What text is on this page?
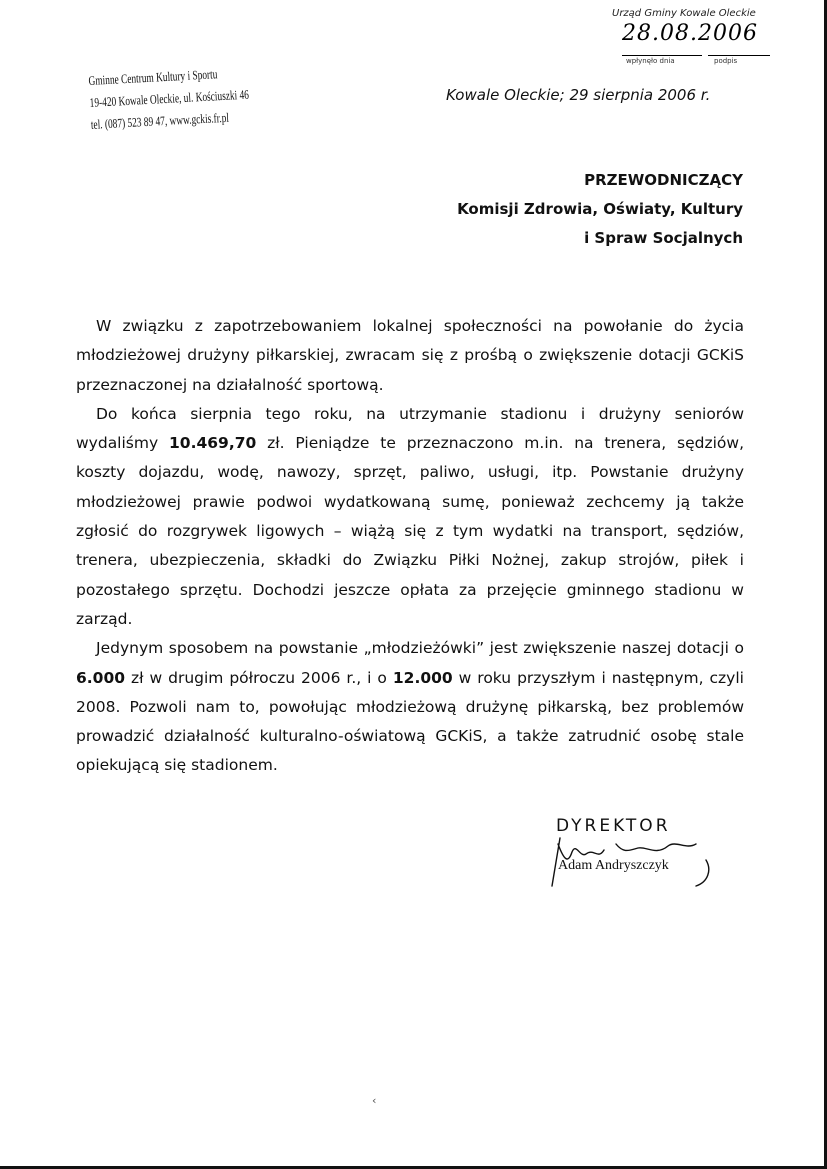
Urząd Gminy Kowale Oleckie
28.08.2006
wpłynęło dnia	podpis
Gminne Centrum Kultury i Sportu
19-420 Kowale Oleckie, ul. Kościuszki 46
tel. (087) 523 89 47, www.gckis.fr.pl
Kowale Oleckie; 29 sierpnia 2006 r.
PRZEWODNICZĄCY
Komisji Zdrowia, Oświaty, Kultury
i Spraw Socjalnych

W związku z zapotrzebowaniem lokalnej społeczności na powołanie do życia młodzieżowej drużyny piłkarskiej, zwracam się z prośbą o zwiększenie dotacji GCKiS przeznaczonej na działalność sportową.

Do końca sierpnia tego roku, na utrzymanie stadionu i drużyny seniorów wydaliśmy 10.469,70 zł. Pieniądze te przeznaczono m.in. na trenera, sędziów, koszty dojazdu, wodę, nawozy, sprzęt, paliwo, usługi, itp. Powstanie drużyny młodzieżowej prawie podwoi wydatkowaną sumę, ponieważ zechcemy ją także zgłosić do rozgrywek ligowych – wiążą się z tym wydatki na transport, sędziów, trenera, ubezpieczenia, składki do Związku Piłki Nożnej, zakup strojów, piłek i pozostałego sprzętu. Dochodzi jeszcze opłata za przejęcie gminnego stadionu w zarząd.

Jedynym sposobem na powstanie „młodzieżówki” jest zwiększenie naszej dotacji o 6.000 zł w drugim półroczu 2006 r., i o 12.000 w roku przyszłym i następnym, czyli 2008. Pozwoli nam to, powołując młodzieżową drużynę piłkarską, bez problemów prowadzić działalność kulturalno-oświatową GCKiS, a także zatrudnić osobę stale opiekującą się stadionem.

DYREKTOR
Adam Andryszczyk
‹
